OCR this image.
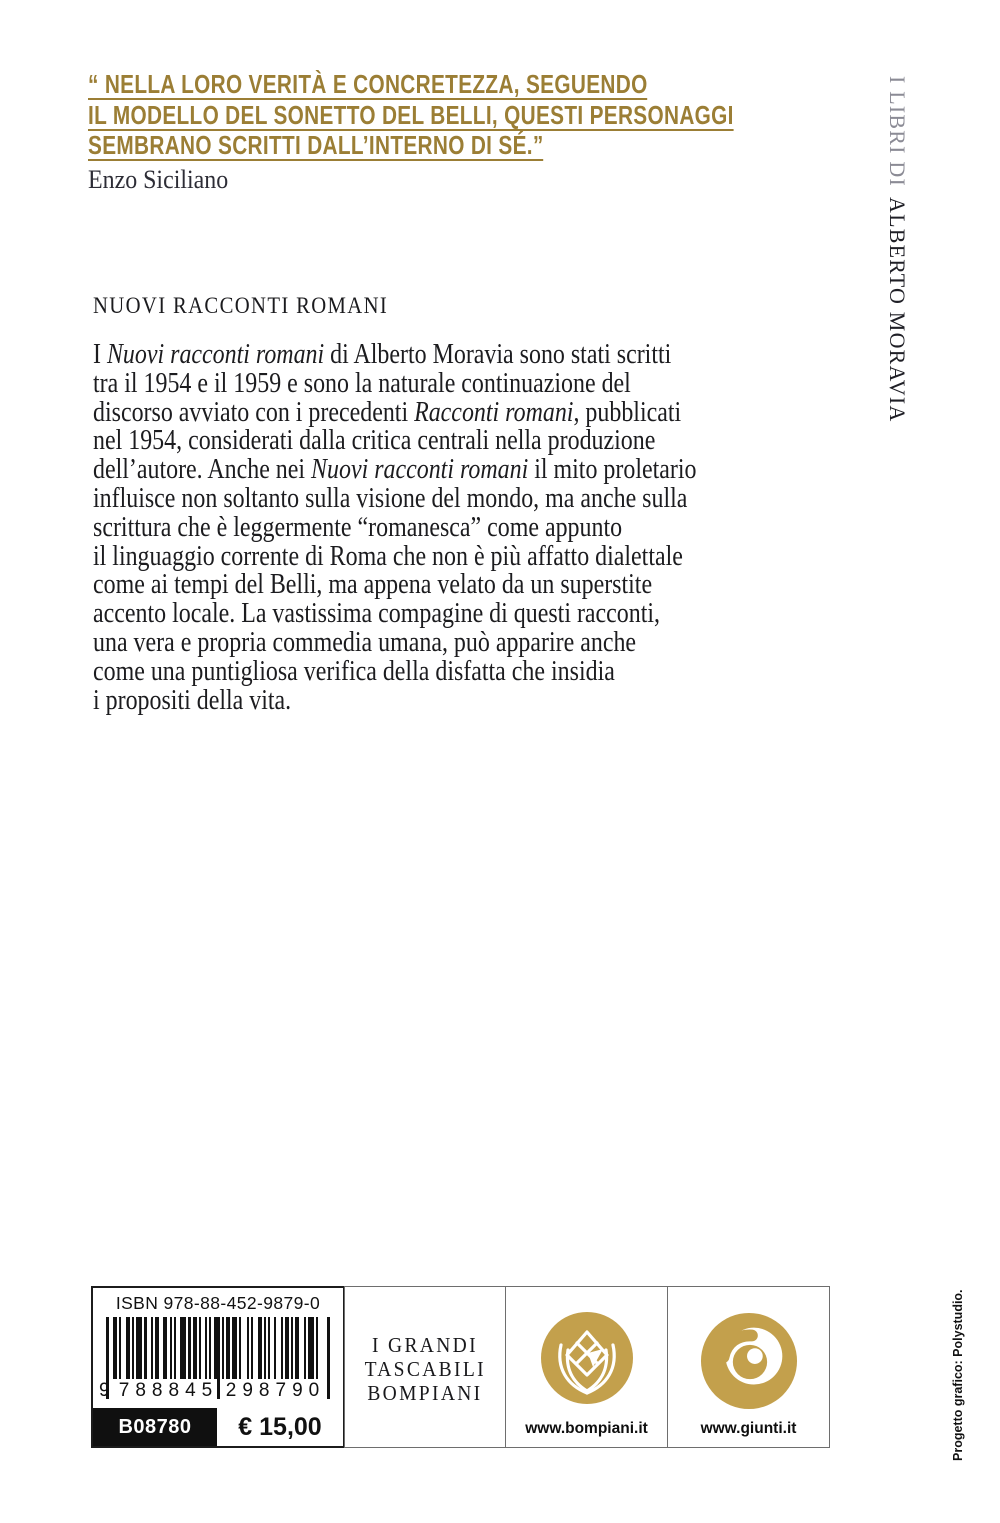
“ NELLA LORO VERITÀ E CONCRETEZZA, SEGUENDO
IL MODELLO DEL SONETTO DEL BELLI, QUESTI PERSONAGGI
SEMBRANO SCRITTI DALL’INTERNO DI SÉ.”
Enzo Siciliano	I LIBRI DIALBERTO MORAVIA
NUOVI RACCONTI ROMANI
I Nuovi racconti romani di Alberto Moravia sono stati scritti
tra il 1954 e il 1959 e sono la naturale continuazione del
discorso avviato con i precedenti Racconti romani, pubblicati
nel 1954, considerati dalla critica centrali nella produzione
dell’autore. Anche nei Nuovi racconti romani il mito proletario
influisce non soltanto sulla visione del mondo, ma anche sulla
scrittura che è leggermente “romanesca” come appunto
il linguaggio corrente di Roma che non è più affatto dialettale
come ai tempi del Belli, ma appena velato da un superstite
accento locale. La vastissima compagine di questi racconti,
una vera e propria commedia umana, può apparire anche
come una puntigliosa verifica della disfatta che insidia
i propositi della vita.
ISBN 978-88-452-9879-0
9 788845 298790
B08780	€ 15,00
I GRANDI
TASCABILI
BOMPIANI
www.bompiani.it	www.giunti.it	Progetto grafico: Polystudio.
